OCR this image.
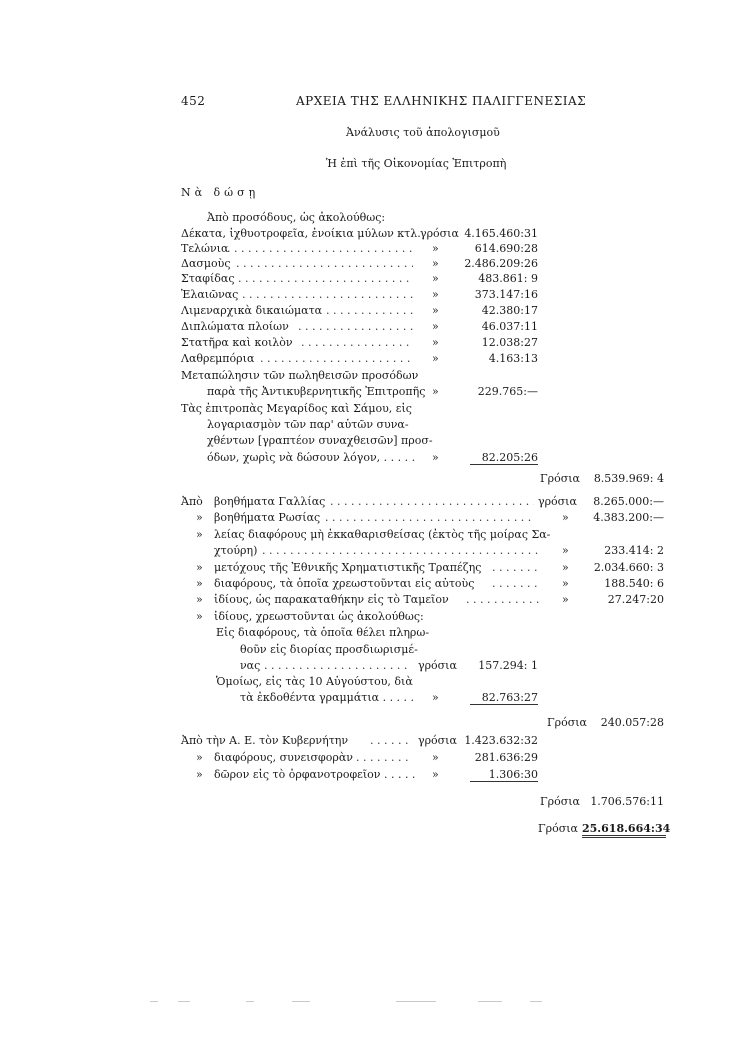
452	ΑΡΧΕΙΑ ΤΗΣ ΕΛΛΗΝΙΚΗΣ ΠΑΛΙΓΓΕΝΕΣΙΑΣ
Ἀνάλυσις τοῦ ἀπολογισμοῦ
Ἡ ἐπὶ τῆς Οἰκονομίας Ἐπιτροπὴ
Νὰ δώσῃ
Ἀπὸ προσόδους, ὡς ἀκολούθως:
Δέκατα, ἰχθυοτροφεῖα, ἐνοίκια μύλων κτλ. γρόσια 4.165.460:31
Τελώνια . . .	»	614.690:28
Δασμοὺς . . .	»	2.486.209:26
Σταφίδας . . .	»	483.861: 9
Ἐλαιῶνας . . .	»	373.147:16
Λιμεναρχικὰ δικαιώματα . . .	»	42.380:17
Διπλώματα πλοίων . . .	»	46.037:11
Στατῆρα καὶ κοιλὸν . . .	»	12.038:27
Λαθρεμπόρια . . .	»	4.163:13
Μεταπώλησιν τῶν πωληθεισῶν προσόδων
παρὰ τῆς Ἀντικυβερνητικῆς Ἐπιτροπῆς »	229.765:—
Τὰς ἐπιτροπὰς Μεγαρίδος καὶ Σάμου, εἰς
λογαριασμὸν τῶν παρ' αὐτῶν συνα-
χθέντων [γραπτέον συναχθεισῶν] προσ-
όδων, χωρὶς νὰ δώσουν λόγον, . . . . . »	82.205:26
Γρόσια	8.539.969: 4
Ἀπὸ βοηθήματα Γαλλίας . . .	γρόσια	8.265.000:—
» βοηθήματα Ρωσίας . . .	»	4.383.200:—
» λείας διαφόρους μὴ ἐκκαθαρισθείσας (ἐκτὸς τῆς μοίρας Σα-
χτούρη) . . .	»	233.414: 2
» μετόχους τῆς Ἐθνικῆς Χρηματιστικῆς Τραπέζης . . .	»	2.034.660: 3
» διαφόρους, τὰ ὁποῖα χρεωστοῦνται εἰς αὐτοὺς . . .	»	188.540: 6
» ἰδίους, ὡς παρακαταθήκην εἰς τὸ Ταμεῖον . . .	»	27.247:20
» ἰδίους, χρεωστοῦνται ὡς ἀκολούθως:
Εἰς διαφόρους, τὰ ὁποῖα θέλει πληρω-
θοῦν εἰς διορίας προσδιωρισμέ-
νας . . .	γρόσια	157.294: 1
Ὁμοίως, εἰς τὰς 10 Αὐγούστου, διὰ
τὰ ἐκδοθέντα γραμμάτια . . . . . »	82.763:27
Γρόσια	240.057:28
Ἀπὸ τὴν Α. Ε. τὸν Κυβερνήτην . . .	γρόσια 1.423.632:32
» διαφόρους, συνεισφορὰν . . .	»	281.636:29
» δῶρον εἰς τὸ ὀρφανοτροφεῖον . . . . . »	1.306:30
Γρόσια 1.706.576:11
Γρόσια 25.618.664:34
